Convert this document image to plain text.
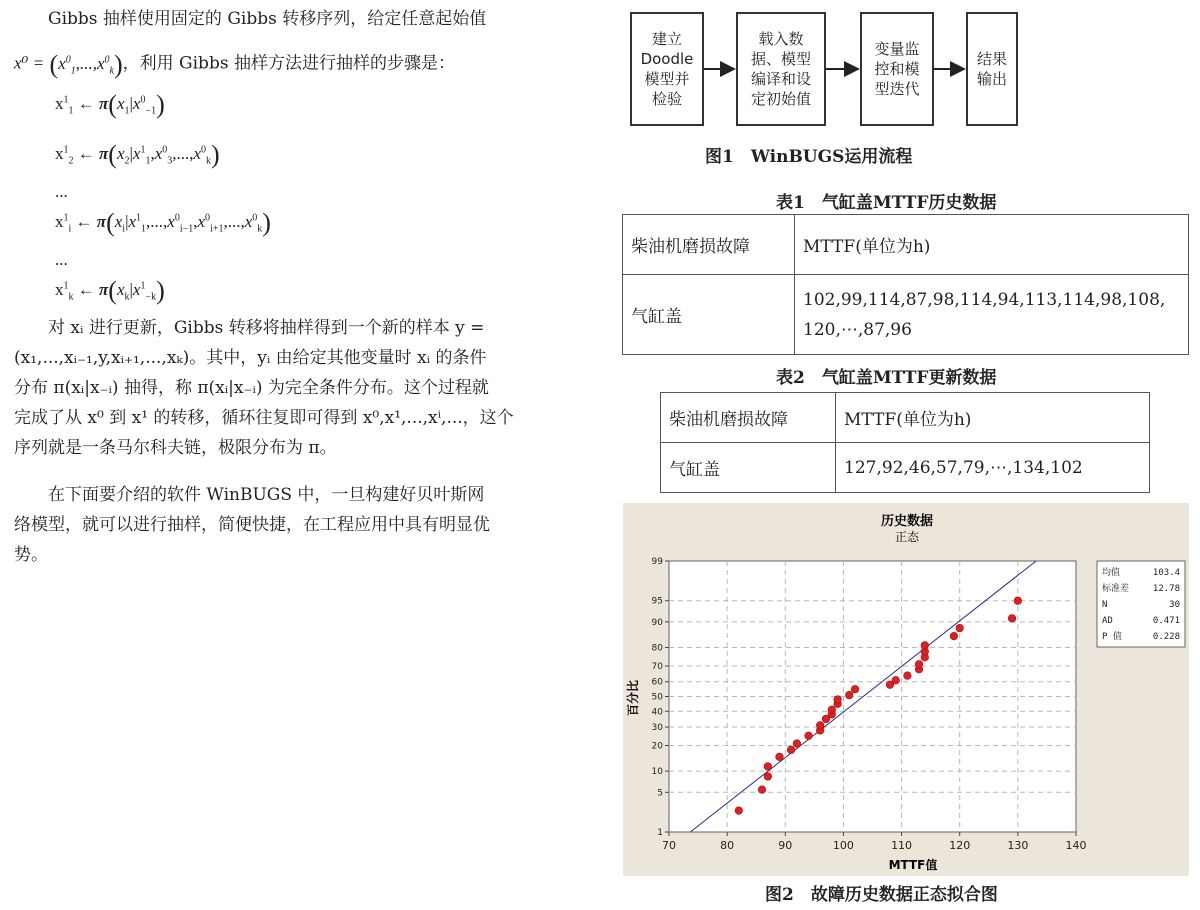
Gibbs 抽样使用固定的 Gibbs 转移序列，给定任意起始值
$x^0 = (x^0_1,...,x^0_k)$，利用 Gibbs 抽样方法进行抽样的步骤是：
$x^1_1$ ← $\pi(x_1|x^0_{-1})$
$x^1_2$ ← $\pi(x_2|x^1_1,x^0_3,...,x^0_k)$
...
$x^1_i$ ← $\pi(x_i|x^1_1,...,x^0_{i-1},x^0_{i+1},...,x^0_k)$
...
$x^1_k$ ← $\pi(x_k|x^1_{-k})$
对 xᵢ 进行更新，Gibbs 转移将抽样得到一个新的样本 y =
(x₁,...,xᵢ₋₁,y,xᵢ₊₁,...,xₖ)。其中，yᵢ 由给定其他变量时 xᵢ 的条件
分布 π(xᵢ|x₋ᵢ) 抽得，称 π(xᵢ|x₋ᵢ) 为完全条件分布。这个过程就
完成了从 x⁰ 到 x¹ 的转移，循环往复即可得到 x⁰,x¹,...,xⁱ,...，这个
序列就是一条马尔科夫链，极限分布为 π。
在下面要介绍的软件 WinBUGS 中，一旦构建好贝叶斯网
络模型，就可以进行抽样，简便快捷，在工程应用中具有明显优
势。
建立
Doodle
模型并
检验
载入数
据、模型
编译和设
定初始值
变量监
控和模
型迭代
结果
输出
图1　WinBUGS运用流程
表1　气缸盖MTTF历史数据
柴油机磨损故障	MTTF(单位为h)
气缸盖	102,99,114,87,98,114,94,113,114,98,108,
120,⋯,87,96
表2　气缸盖MTTF更新数据
柴油机磨损故障	MTTF(单位为h)
气缸盖	127,92,46,57,79,⋯,134,102
历史数据
正态
MTTF值
百分比
70	80	90	100	110	120	130	140
1
5
10
20
30
40
50
60
70
80
90
95
99
均值	103.4
标准差	12.78
N	30
AD	0.471
P 值	0.228
图2　故障历史数据正态拟合图
